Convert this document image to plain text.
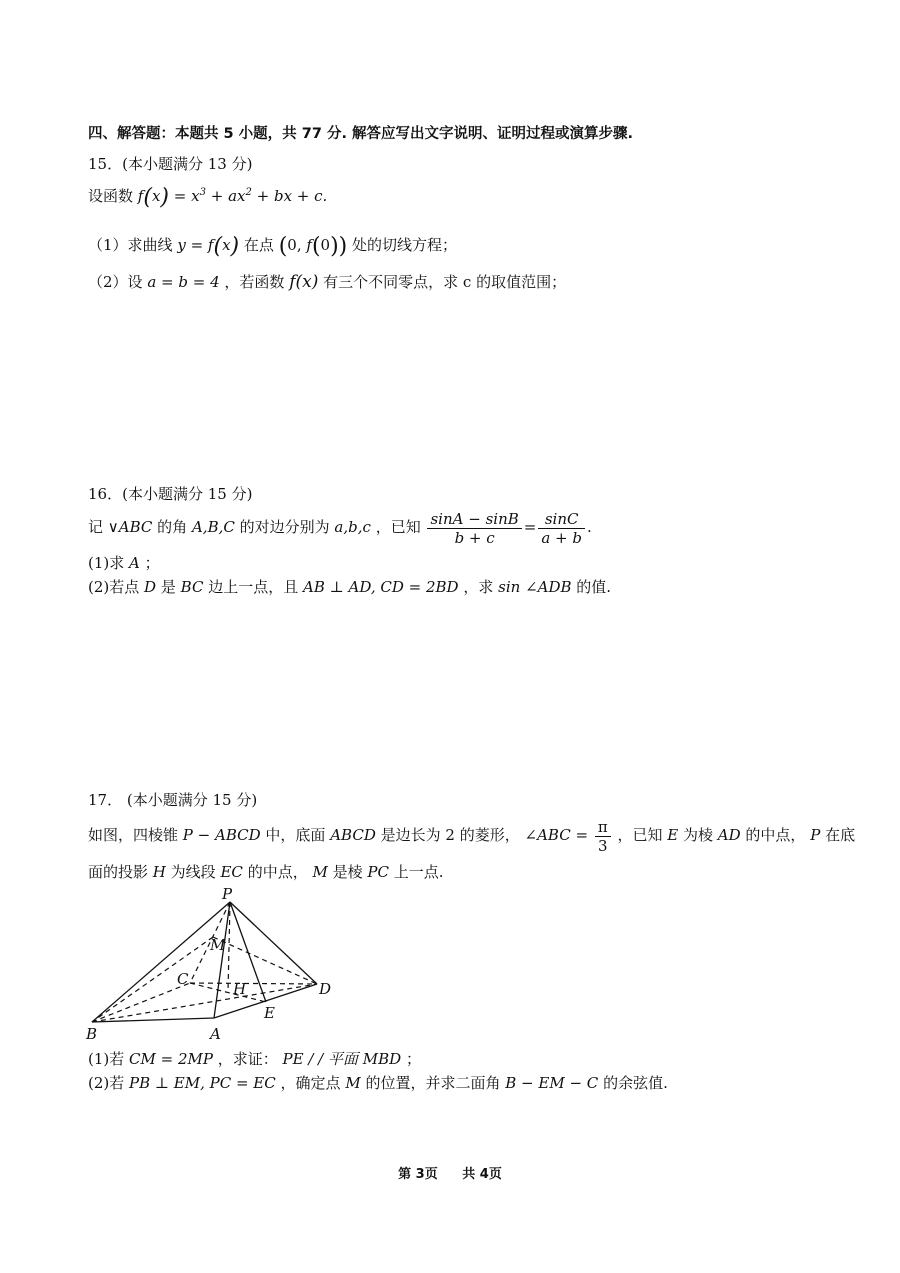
四、解答题：本题共 5 小题，共 77 分. 解答应写出文字说明、证明过程或演算步骤.
15．(本小题满分 13 分)
设函数 $f(x) = x^3 + ax^2$ + bx + c.
（1）求曲线 y = f(x) 在点 (0, f(0)) 处的切线方程；
（2）设 a = b = 4 ，若函数 f(x) 有三个不同零点，求 c 的取值范围；
16．(本小题满分 15 分)
记 ∨ABC 的角 A,B,C 的对边分别为 a,b,c ，已知 $\frac{\sin A - \sin B}{b + c} = \frac{\sin C}{a + b}$ .
(1)求 A ；
(2)若点 D 是 BC 边上一点，且 AB ⊥ AD, CD = 2BD ，求 sin ∠ADB 的值.
17． (本小题满分 15 分)
如图，四棱锥 P − ABCD 中，底面 ABCD 是边长为 2 的菱形， ∠ABC = $\frac{\pi}{3}$ ，已知 E 为棱 AD 的中点， P 在底
面的投影 H 为线段 EC 的中点， M 是棱 PC 上一点.
P
M
C
H	D
E
B	A
(1)若 CM = 2MP ，求证： PE / / 平面 MBD ；
(2)若 PB ⊥ EM, PC = EC ，确定点 M 的位置，并求二面角 B − EM − C 的余弦值.
第 3页 共 4页
